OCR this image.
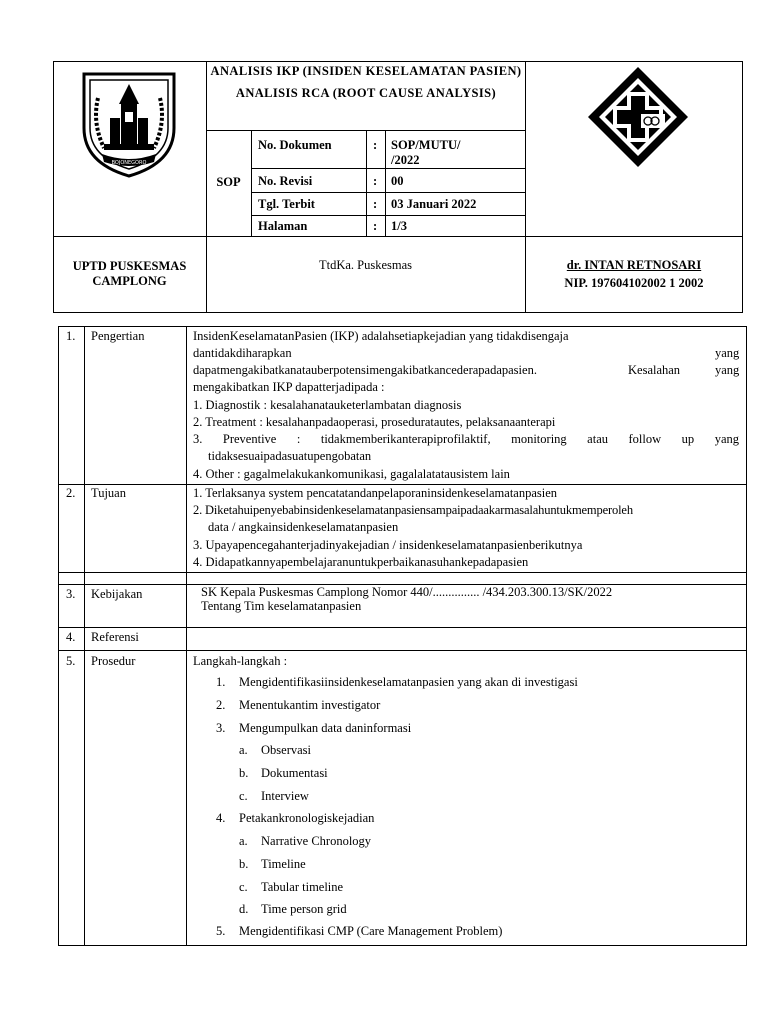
BOJONEGORO
ANALISIS IKP (INSIDEN KESELAMATAN PASIEN) ANALISIS RCA (ROOT CAUSE ANALYSIS)
SOP
No. Dokumen	: SOP/MUTU/
/2022
No. Revisi	: 00
Tgl. Terbit	: 03 Januari 2022
Halaman	: 1/3
UPTD PUSKESMAS
CAMPLONG
TtdKa. Puskesmas	dr. INTAN RETNOSARI
NIP. 197604102002 1 2002
1. Pengertian	InsidenKeselamatanPasien (IKP) adalahsetiapkejadian yang tidakdisengaja
dantidakdiharapkan	yang
dapatmengakibatkanatauberpotensimengakibatkancederapadapasien.	Kesalahan	yang
mengakibatkan IKP dapatterjadipada :
1. Diagnostik : kesalahanatauketerlambatan diagnosis
2. Treatment : kesalahanpadaoperasi, proseduratautes, pelaksanaanterapi
3. Preventive : tidakmemberikanterapiprofilaktif, monitoring atau follow up yang
tidaksesuaipadasuatupengobatan
4. Other : gagalmelakukankomunikasi, gagalalatatausistem lain
2. Tujuan	1. Terlaksanya system pencatatandanpelaporaninsidenkeselamatanpasien
2. Diketahuipenyebabinsidenkeselamatanpasiensampaipadaakarmasalahuntukmemperoleh
data / angkainsidenkeselamatanpasien
3. Upayapencegahanterjadinyakejadian / insidenkeselamatanpasienberikutnya
4. Didapatkannyapembelajaranuntukperbaikanasuhankepadapasien
3. Kebijakan	SK Kepala Puskesmas Camplong Nomor 440/............... /434.203.300.13/SK/2022
Tentang Tim keselamatanpasien
4. Referensi
5. Prosedur	Langkah-langkah :
1. Mengidentifikasiinsidenkeselamatanpasien yang akan di investigasi
2. Menentukantim investigator
3. Mengumpulkan data daninformasi
a. Observasi
b. Dokumentasi
c. Interview
4. Petakankronologiskejadian
a. Narrative Chronology
b. Timeline
c. Tabular timeline
d. Time person grid
5. Mengidentifikasi CMP (Care Management Problem)
